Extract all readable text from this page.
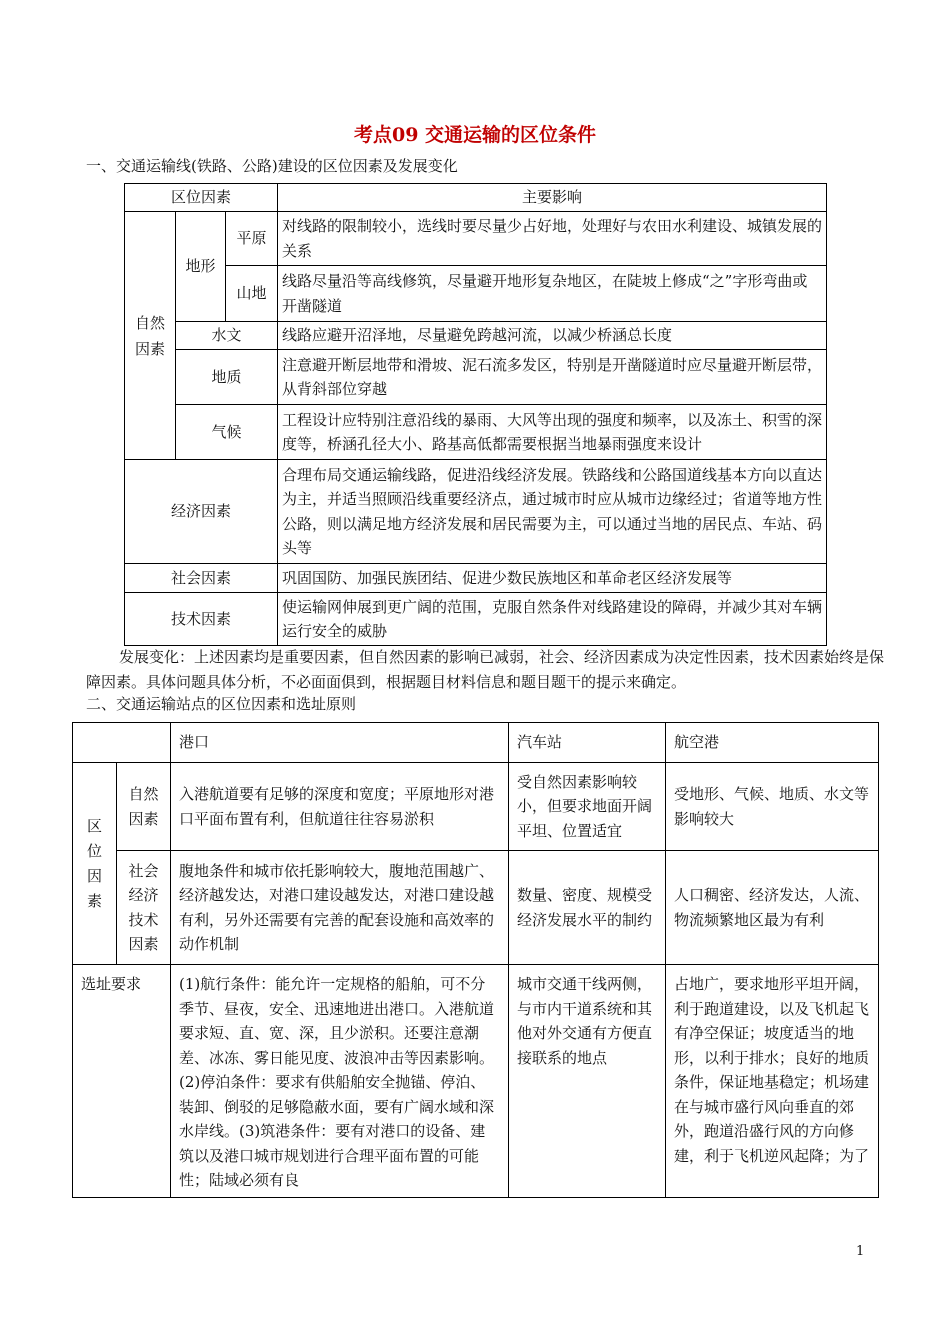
考点09 交通运输的区位条件
一、交通运输线(铁路、公路)建设的区位因素及发展变化
区位因素			主要影响

自然因素	地形	平原	对线路的限制较小，选线时要尽量少占好地，处理好与农田水利建设、城镇发展的关系
		山地	线路尽量沿等高线修筑，尽量避开地形复杂地区，在陡坡上修成“之”字形弯曲或开凿隧道
	水文		线路应避开沼泽地，尽量避免跨越河流，以减少桥涵总长度
	地质		注意避开断层地带和滑坡、泥石流多发区，特别是开凿隧道时应尽量避开断层带，从背斜部位穿越
	气候		工程设计应特别注意沿线的暴雨、大风等出现的强度和频率，以及冻土、积雪的深度等，桥涵孔径大小、路基高低都需要根据当地暴雨强度来设计
经济因素			合理布局交通运输线路，促进沿线经济发展。铁路线和公路国道线基本方向以直达为主，并适当照顾沿线重要经济点，通过城市时应从城市边缘经过；省道等地方性公路，则以满足地方经济发展和居民需要为主，可以通过当地的居民点、车站、码头等
社会因素			巩固国防、加强民族团结、促进少数民族地区和革命老区经济发展等
技术因素			使运输网伸展到更广阔的范围，克服自然条件对线路建设的障碍，并减少其对车辆运行安全的威胁
发展变化：上述因素均是重要因素，但自然因素的影响已减弱，社会、经济因素成为决定性因素，技术因素始终是保障因素。具体问题具体分析，不必面面俱到，根据题目材料信息和题目题干的提示来确定。
二、交通运输站点的区位因素和选址原则
		港口	汽车站	航空港

区位因素	自然因素	入港航道要有足够的深度和宽度；平原地形对港口平面布置有利，但航道往往容易淤积	受自然因素影响较小，但要求地面开阔平坦、位置适宜	受地形、气候、地质、水文等影响较大

	社会经济技术因素	腹地条件和城市依托影响较大，腹地范围越广、经济越发达，对港口建设越发达，对港口建设越有利，另外还需要有完善的配套设施和高效率的动作机制	数量、密度、规模受经济发展水平的制约	人口稠密、经济发达，人流、物流频繁地区最为有利
选址要求		(1)航行条件：能允许一定规格的船舶，可不分季节、昼夜，安全、迅速地进出港口。入港航道要求短、直、宽、深，且少淤积。还要注意潮差、冰冻、雾日能见度、波浪冲击等因素影响。(2)停泊条件：要求有供船舶安全抛锚、停泊、装卸、倒驳的足够隐蔽水面，要有广阔水域和深水岸线。(3)筑港条件：要有对港口的设备、建筑以及港口城市规划进行合理平面布置的可能性；陆域必须有良	城市交通干线两侧，与市内干道系统和其他对外交通有方便直接联系的地点	占地广，要求地形平坦开阔，利于跑道建设，以及飞机起飞有净空保证；坡度适当的地形，以利于排水；良好的地质条件，保证地基稳定；机场建在与城市盛行风向垂直的郊外，跑道沿盛行风的方向修建，利于飞机逆风起降；为了
1
